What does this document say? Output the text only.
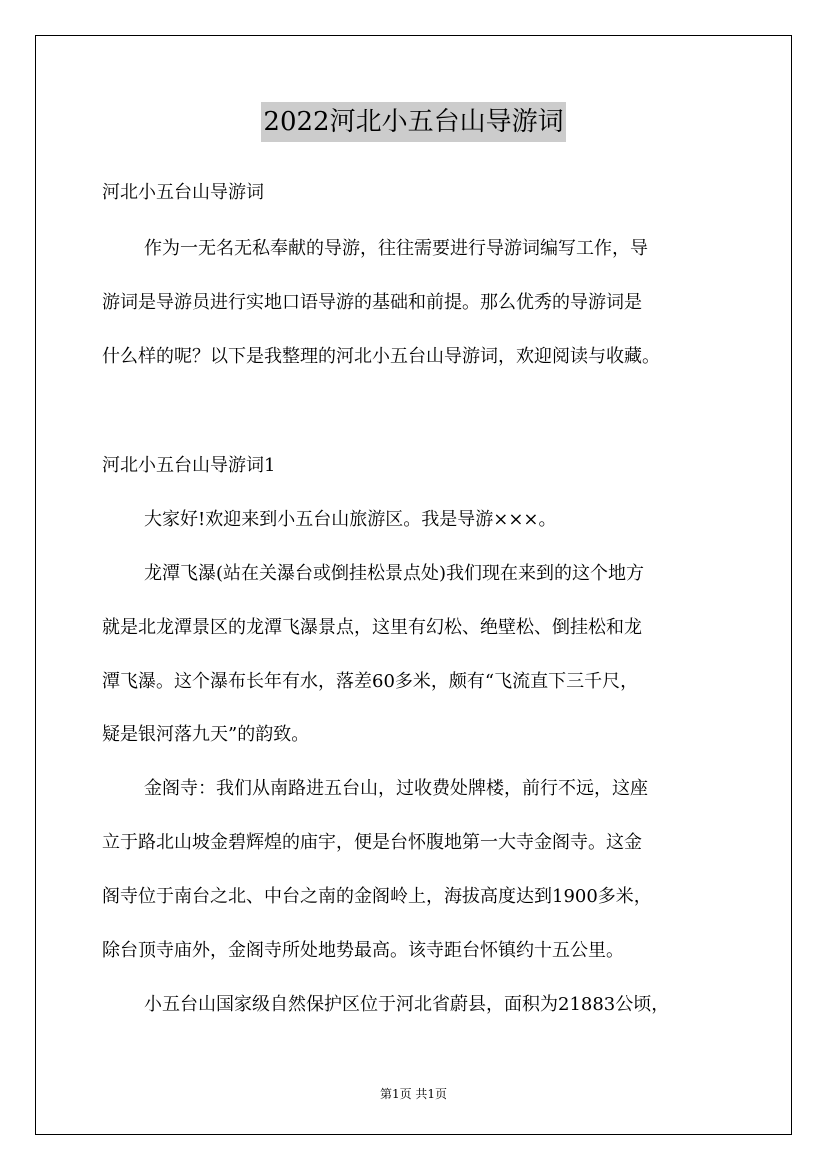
2022河北小五台山导游词
河北小五台山导游词
作为一无名无私奉献的导游，往往需要进行导游词编写工作，导
游词是导游员进行实地口语导游的基础和前提。那么优秀的导游词是
什么样的呢？以下是我整理的河北小五台山导游词，欢迎阅读与收藏。
河北小五台山导游词1
大家好!欢迎来到小五台山旅游区。我是导游×××。
龙潭飞瀑(站在关瀑台或倒挂松景点处)我们现在来到的这个地方
就是北龙潭景区的龙潭飞瀑景点，这里有幻松、绝壁松、倒挂松和龙
潭飞瀑。这个瀑布长年有水，落差60多米，颇有“飞流直下三千尺，
疑是银河落九天”的韵致。
金阁寺：我们从南路进五台山，过收费处牌楼，前行不远，这座
立于路北山坡金碧辉煌的庙宇，便是台怀腹地第一大寺金阁寺。这金
阁寺位于南台之北、中台之南的金阁岭上，海拔高度达到1900多米，
除台顶寺庙外，金阁寺所处地势最高。该寺距台怀镇约十五公里。
小五台山国家级自然保护区位于河北省蔚县，面积为21883公顷，
第1页 共1页
